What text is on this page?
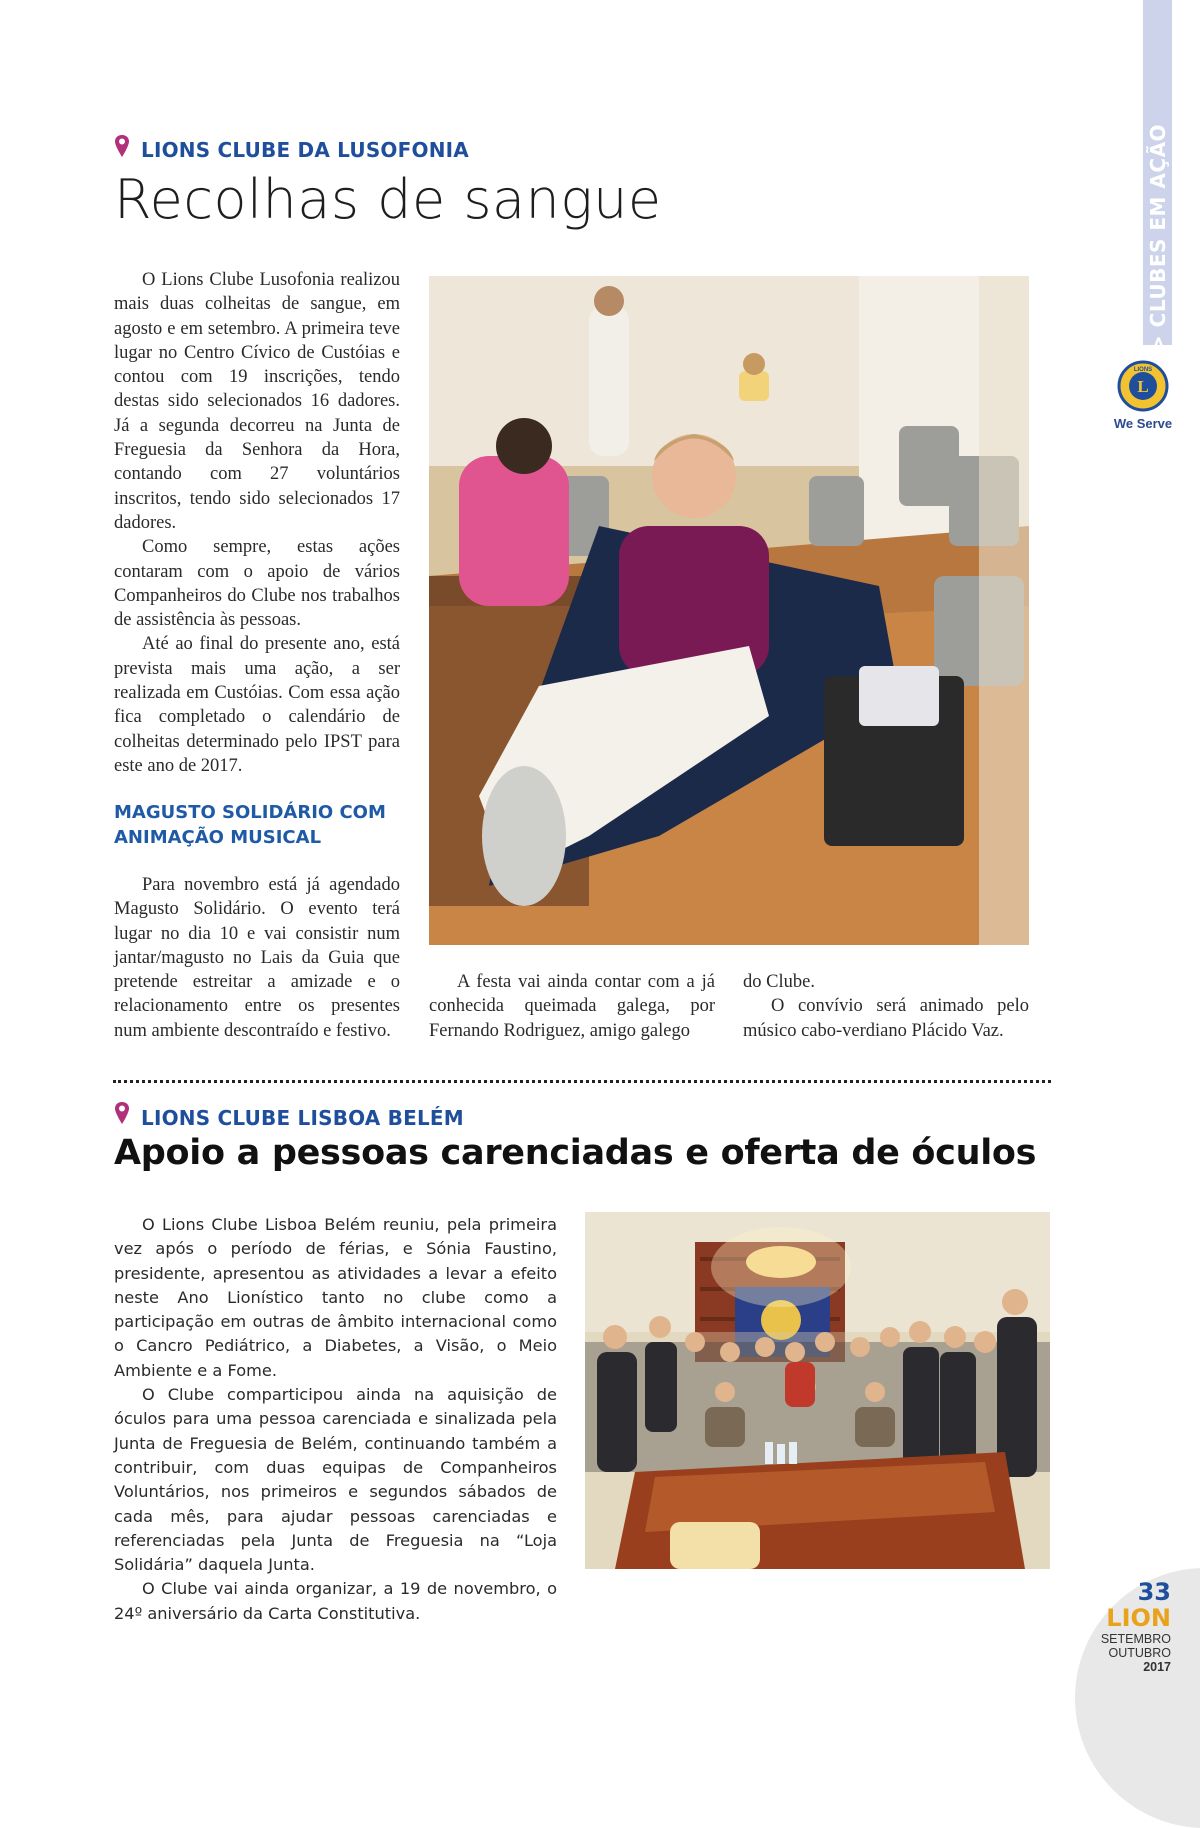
> CLUBES EM AÇÃO
L
LIONS
We Serve
LIONS CLUBE DA LUSOFONIA
Recolhas de sangue

O Lions Clube Lusofonia realizou mais duas colheitas de sangue, em agosto e em setembro. A primeira teve lugar no Centro Cívico de Custóias e contou com 19 inscrições, tendo destas sido selecionados 16 dadores. Já a segunda decorreu na Junta de Freguesia da Senhora da Hora, contando com 27 voluntários inscritos, tendo sido selecionados 17 dadores.

Como sempre, estas ações contaram com o apoio de vários Companheiros do Clube nos trabalhos de assistência às pessoas.

Até ao final do presente ano, está prevista mais uma ação, a ser realizada em Custóias. Com essa ação fica completado o calendário de colheitas determinado pelo IPST para este ano de 2017.

MAGUSTO SOLIDÁRIO COM ANIMAÇÃO MUSICAL

Para novembro está já agendado Magusto Solidário. O evento terá lugar no dia 10 e vai consistir num jantar/magusto no Lais da Guia que pretende estreitar a amizade e o relacionamento entre os presentes num ambiente descontraído e festivo.

A festa vai ainda contar com a já conhecida queimada galega, por Fernando Rodriguez, amigo galego

do Clube.

O convívio será animado pelo músico cabo-verdiano Plácido Vaz.

LIONS CLUBE LISBOA BELÉM
Apoio a pessoas carenciadas e oferta de óculos

O Lions Clube Lisboa Belém reuniu, pela primeira vez após o período de férias, e Sónia Faustino, presidente, apresentou as atividades a levar a efeito neste Ano Lionístico tanto no clube como a participação em outras de âmbito internacional como o Cancro Pediátrico, a Diabetes, a Visão, o Meio Ambiente e a Fome.

O Clube comparticipou ainda na aquisição de óculos para uma pessoa carenciada e sinalizada pela Junta de Freguesia de Belém, continuando também a contribuir, com duas equipas de Companheiros Voluntários, nos primeiros e segundos sábados de cada mês, para ajudar pessoas carenciadas e referenciadas pela Junta de Freguesia na “Loja Solidária” daquela Junta.

O Clube vai ainda organizar, a 19 de novembro, o 24º aniversário da Carta Constitutiva.

33
LION
SETEMBRO
OUTUBRO
2017
